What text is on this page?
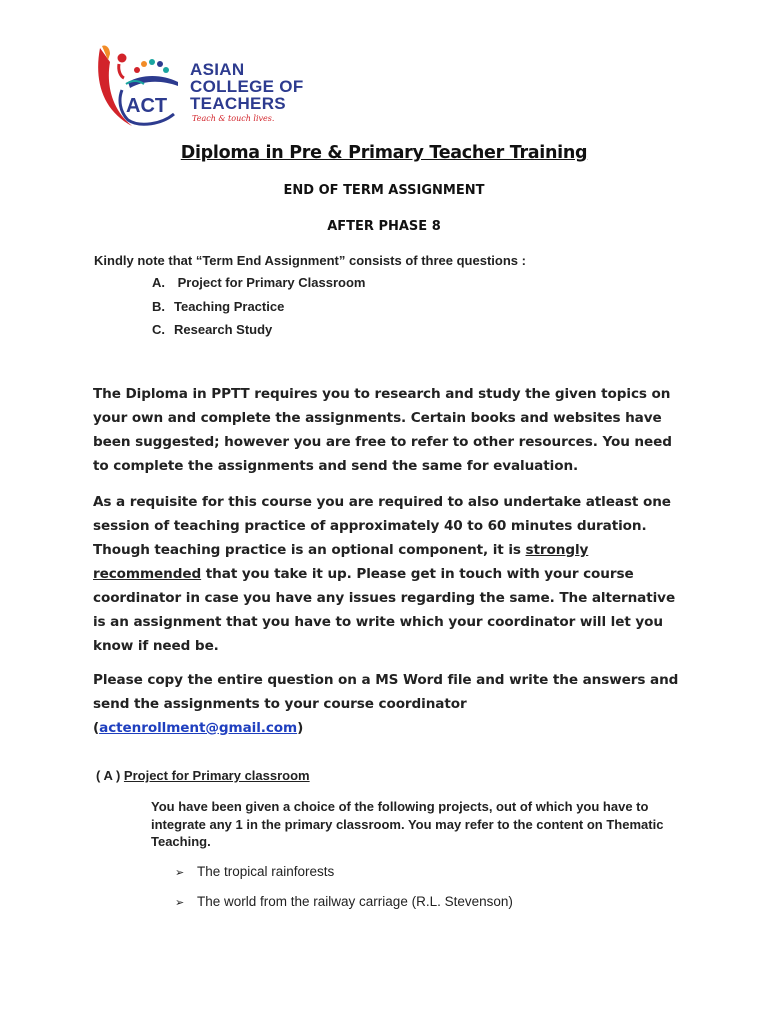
ACT
ASIAN
COLLEGE OF
TEACHERS
Teach & touch lives.
Diploma in Pre & Primary Teacher Training
END OF TERM ASSIGNMENT
AFTER PHASE 8
Kindly note that “Term End Assignment” consists of three questions :
A. Project for Primary Classroom
B. Teaching Practice
C. Research Study

The Diploma in PPTT requires you to research and study the given topics on your own and complete the assignments. Certain books and websites have been suggested; however you are free to refer to other resources. You need to complete the assignments and send the same for evaluation.

As a requisite for this course you are required to also undertake atleast one session of teaching practice of approximately 40 to 60 minutes duration. Though teaching practice is an optional component, it is strongly recommended that you take it up. Please get in touch with your course coordinator in case you have any issues regarding the same. The alternative is an assignment that you have to write which your coordinator will let you know if need be.

Please copy the entire question on a MS Word file and write the answers and send the assignments to your course coordinator
(actenrollment@gmail.com)

( A ) Project for Primary classroom
You have been given a choice of the following projects, out of which you have to integrate any 1 in the primary classroom. You may refer to the content on Thematic Teaching.
➢ The tropical rainforests
➢ The world from the railway carriage (R.L. Stevenson)
